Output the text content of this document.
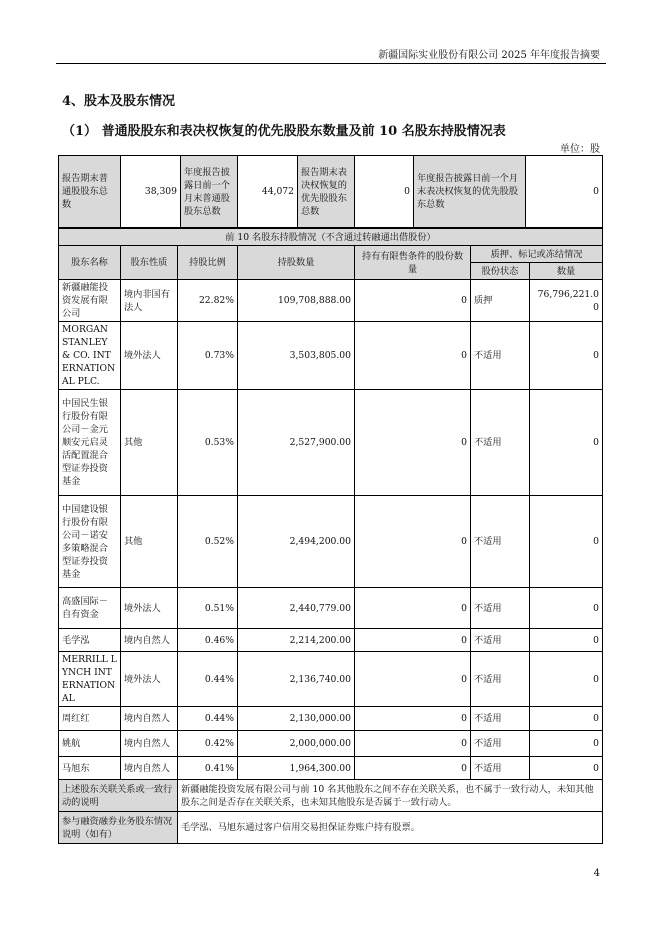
新疆国际实业股份有限公司 2025 年年度报告摘要
4、股本及股东情况
（1） 普通股股东和表决权恢复的优先股股东数量及前 10 名股东持股情况表
单位：股
报告期末普通股股东总数	38,309	年度报告披露日前一个月末普通股股东总数	44,072	报告期末表决权恢复的优先股股东总数	0	年度报告披露日前一个月末表决权恢复的优先股股东总数	0
前 10 名股东持股情况（不含通过转融通出借股份）						
股东名称	股东性质	持股比例	持股数量	持有有限售条件的股份数量	质押、标记或冻结情况	
					股份状态	数量
新疆融能投资发展有限公司	境内非国有法人	22.82%	109,708,888.00	0	质押	76,796,221.00
MORGAN STANLEY & CO. INTERNATIONAL PLC.	境外法人	0.73%	3,503,805.00	0	不适用	0
中国民生银行股份有限公司－金元顺安元启灵活配置混合型证券投资基金	其他	0.53%	2,527,900.00	0	不适用	0
中国建设银行股份有限公司－诺安多策略混合型证券投资基金	其他	0.52%	2,494,200.00	0	不适用	0
高盛国际－自有资金	境外法人	0.51%	2,440,779.00	0	不适用	0
毛学泓	境内自然人	0.46%	2,214,200.00	0	不适用	0
MERRILL LYNCH INTERNATIONAL	境外法人	0.44%	2,136,740.00	0	不适用	0
周红红	境内自然人	0.44%	2,130,000.00	0	不适用	0
姚航	境内自然人	0.42%	2,000,000.00	0	不适用	0
马旭东	境内自然人	0.41%	1,964,300.00	0	不适用	0
上述股东关联关系或一致行动的说明		新疆融能投资发展有限公司与前 10 名其他股东之间不存在关联关系，也不属于一致行动人，未知其他股东之间是否存在关联关系，也未知其他股东是否属于一致行动人。				
参与融资融券业务股东情况说明（如有）		毛学泓、马旭东通过客户信用交易担保证券账户持有股票。				
4
